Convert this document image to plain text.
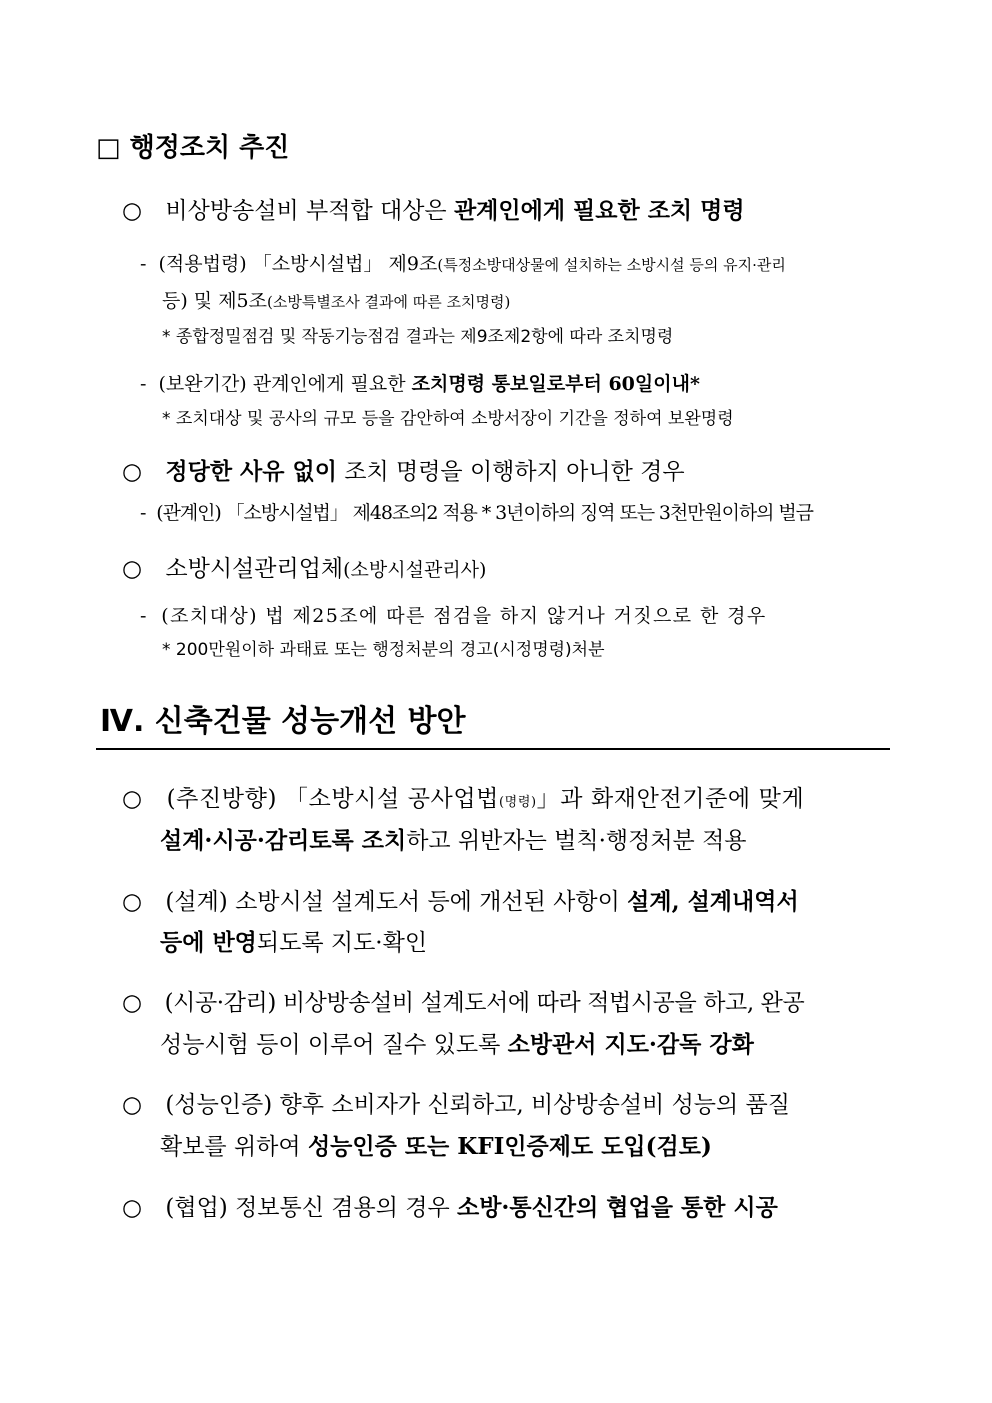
□ 행정조치 추진
○ 비상방송설비 부적합 대상은 관계인에게 필요한 조치 명령
- (적용법령) 「소방시설법」 제9조(특정소방대상물에 설치하는 소방시설 등의 유지·관리
등) 및 제5조(소방특별조사 결과에 따른 조치명령)
* 종합정밀점검 및 작동기능점검 결과는 제9조제2항에 따라 조치명령
- (보완기간) 관계인에게 필요한 조치명령 통보일로부터 60일이내*
* 조치대상 및 공사의 규모 등을 감안하여 소방서장이 기간을 정하여 보완명령
○ 정당한 사유 없이 조치 명령을 이행하지 아니한 경우
- (관계인) 「소방시설법」 제48조의2 적용 * 3년이하의 징역 또는 3천만원이하의 벌금
○ 소방시설관리업체(소방시설관리사)
- (조치대상) 법 제25조에 따른 점검을 하지 않거나 거짓으로 한 경우
* 200만원이하 과태료 또는 행정처분의 경고(시정명령)처분
Ⅳ. 신축건물 성능개선 방안
○ (추진방향) 「소방시설 공사업법(명령)」과 화재안전기준에 맞게
설계·시공·감리토록 조치하고 위반자는 벌칙·행정처분 적용
○ (설계) 소방시설 설계도서 등에 개선된 사항이 설계, 설계내역서
등에 반영되도록 지도·확인
○ (시공·감리) 비상방송설비 설계도서에 따라 적법시공을 하고, 완공
성능시험 등이 이루어 질수 있도록 소방관서 지도·감독 강화
○ (성능인증) 향후 소비자가 신뢰하고, 비상방송설비 성능의 품질
확보를 위하여 성능인증 또는 KFI인증제도 도입(검토)
○ (협업) 정보통신 겸용의 경우 소방·통신간의 협업을 통한 시공
